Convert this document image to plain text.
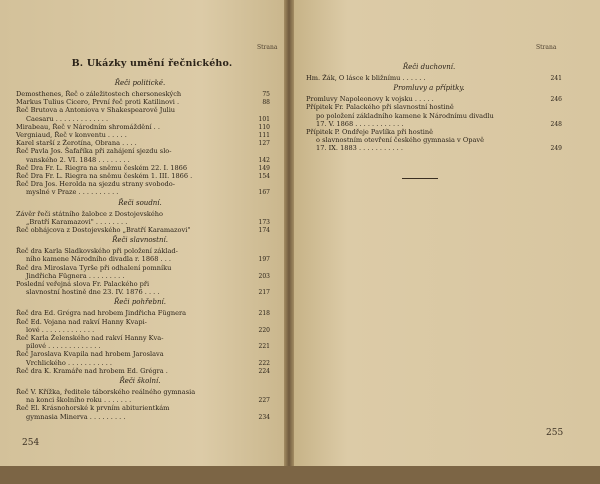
Strana
B. Ukázky umění řečnického.
Řeči politické.
Demosthenes, Řeč o záležitostech chersoneských	75
Markus Tulius Cicero, První řeč proti Katilinovi .	88
Řeč Brutova a Antoniova v Shakespearově Juliu
Caesaru . . . . . . . . . . . . .	101
Mirabeau, Řeč v Národním shromáždění . .	110
Vergniaud, Řeč v konventu . . . . .	111
Karel starší z Žerotína, Obrana . . . .	127
Řeč Pavla Jos. Šafaříka při zahájení sjezdu slo-
vanského 2. VI. 1848 . . . . . . . .	142
Řeč Dra Fr. L. Riegra na sněmu českém 22. I. 1866	149
Řeč Dra Fr. L. Riegra na sněmu českém 1. III. 1866 .	154
Řeč Dra Jos. Herolda na sjezdu strany svobodo-
myslné v Praze . . . . . . . . . .	167
Řeči soudní.
Závěr řeči státního žalobce z Dostojevského
„Bratří Karamazovi" . . . . . . . .	173
Řeč obhájcova z Dostojevského „Bratří Karamazovi"	174
Řeči slavnostní.
Řeč dra Karla Sladkovského při položení základ-
ního kamene Národního divadla r. 1868 . . .	197
Řeč dra Miroslava Tyrše při odhalení pomníku
Jindřicha Fügnera . . . . . . . . .	203
Poslední veřejná slova Fr. Palackého při
slavnostní hostině dne 23. IV. 1876 . . . .	217
Řeči pohřební.
Řeč dra Ed. Grégra nad hrobem Jindřicha Fügnera	218
Řeč Ed. Vojana nad rakví Hanny Kvapi-
lové . . . . . . . . . . . . .	220
Řeč Karla Želenského nad rakví Hanny Kva-
pilové . . . . . . . . . . . . .	221
Řeč Jaroslava Kvapila nad hrobem Jaroslava
Vrchlického . . . . . . . . . . .	222
Řeč dra K. Kramáře nad hrobem Ed. Grégra .	224
Řeči školní.
Řeč V. Křížka, ředitele táborského reálného gymnasia
na konci školního roku . . . . . . .	227
Řeč El. Krásnohorské k prvním abiturientkám
gymnasia Minerva . . . . . . . . .	234
254
Strana
Řeči duchovní.
Hm. Žák, O lásce k bližnímu . . . . . .	241
Promluvy a přípitky.
Promluvy Napoleonovy k vojsku . . . . .	246
Přípitek Fr. Palackého při slavnostní hostině
po položení základního kamene k Národnímu divadlu
17. V. 1868 . . . . . . . . . . . .	248
Přípitek P. Ondřeje Pavlíka při hostině
o slavnostním otevření českého gymnasia v Opavě
17. IX. 1883 . . . . . . . . . . .	249
255
